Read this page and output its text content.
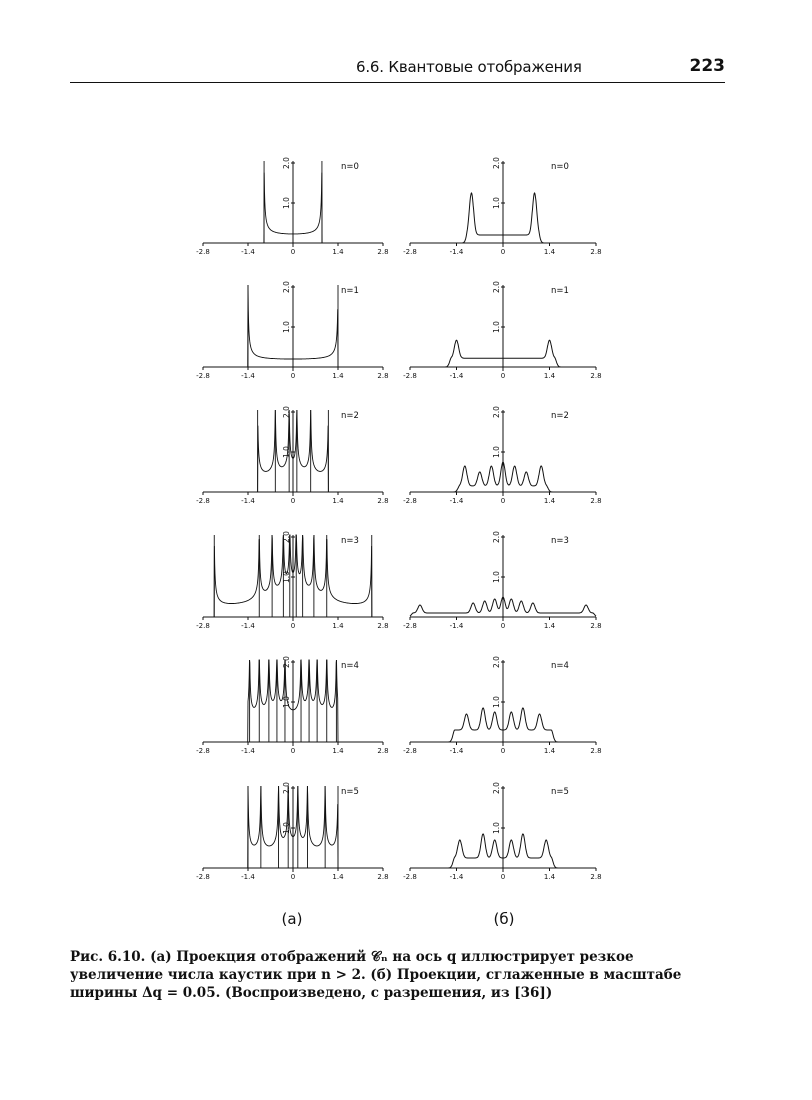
6.6. Квантовые отображения	223
-2.8	-1.4	0	1.4	2.8
1.0
2.0	n=0
-2.8	-1.4	0	1.4	2.8
1.0
2.0	n=1
-2.8	-1.4	0	1.4	2.8
1.0
2.0	n=2
-2.8	-1.4	0	1.4	2.8
1.0
2.0	n=3
-2.8	-1.4	0	1.4	2.8
1.0
2.0	n=4
-2.8	-1.4	0	1.4	2.8
1.0
2.0	n=5
-2.8	-1.4	0	1.4	2.8
1.0
2.0	n=0
-2.8	-1.4	0	1.4	2.8
1.0
2.0	n=1
-2.8	-1.4	0	1.4	2.8
1.0
2.0	n=2
-2.8	-1.4	0	1.4	2.8
1.0
2.0	n=3
-2.8	-1.4	0	1.4	2.8
1.0
2.0	n=4
-2.8	-1.4	0	1.4	2.8
1.0
2.0	n=5
(а)	(б)
Рис. 6.10. (а) Проекция отображений 𝒞ₙ на ось q иллюстрирует резкое увеличение числа каустик при n > 2. (б) Проекции, сглаженные в масштабе ширины Δq = 0.05. (Воспроизведено, с разрешения, из [36])
